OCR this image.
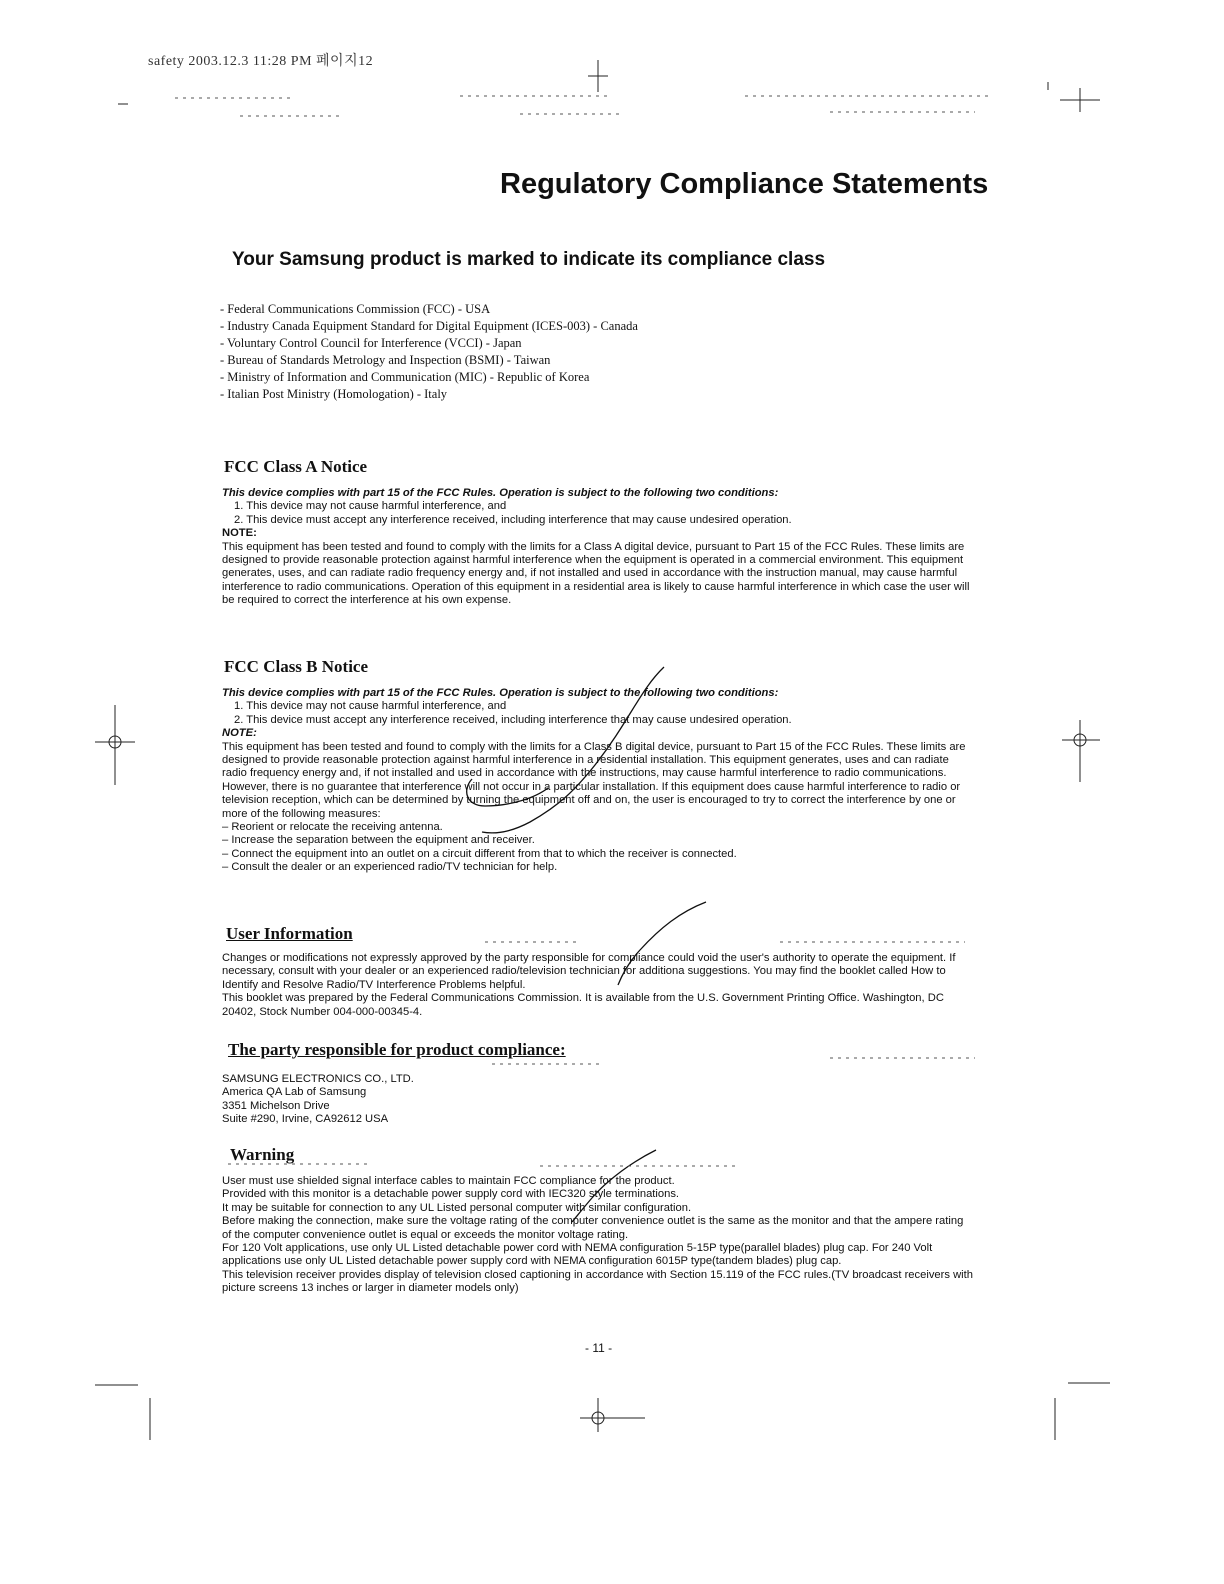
safety 2003.12.3 11:28 PM 페이지12
Regulatory Compliance Statements
Your Samsung product is marked to indicate its compliance class
- Federal Communications Commission (FCC) - USA
- Industry Canada Equipment Standard for Digital Equipment (ICES-003) - Canada
- Voluntary Control Council for Interference (VCCI) - Japan
- Bureau of Standards Metrology and Inspection (BSMI) - Taiwan
- Ministry of Information and Communication (MIC) - Republic of Korea
- Italian Post Ministry (Homologation) - Italy
FCC Class A Notice

This device complies with part 15 of the FCC Rules. Operation is subject to the following two conditions:

1. This device may not cause harmful interference, and

2. This device must accept any interference received, including interference that may cause undesired operation.

NOTE:

This equipment has been tested and found to comply with the limits for a Class A digital device, pursuant to Part 15 of the FCC Rules. These limits are designed to provide reasonable protection against harmful interference when the equipment is operated in a commercial environment. This equipment generates, uses, and can radiate radio frequency energy and, if not installed and used in accordance with the instruction manual, may cause harmful interference to radio communications. Operation of this equipment in a residential area is likely to cause harmful interference in which case the user will be required to correct the interference at his own expense.

FCC Class B Notice

This device complies with part 15 of the FCC Rules. Operation is subject to the following two conditions:

1. This device may not cause harmful interference, and

2. This device must accept any interference received, including interference that may cause undesired operation.

NOTE:

This equipment has been tested and found to comply with the limits for a Class B digital device, pursuant to Part 15 of the FCC Rules. These limits are designed to provide reasonable protection against harmful interference in a residential installation. This equipment generates, uses and can radiate radio frequency energy and, if not installed and used in accordance with the instructions, may cause harmful interference to radio communications. However, there is no guarantee that interference will not occur in a particular installation. If this equipment does cause harmful interference to radio or television reception, which can be determined by turning the equipment off and on, the user is encouraged to try to correct the interference by one or more of the following measures:

– Reorient or relocate the receiving antenna.

– Increase the separation between the equipment and receiver.

– Connect the equipment into an outlet on a circuit different from that to which the receiver is connected.

– Consult the dealer or an experienced radio/TV technician for help.

User Information

Changes or modifications not expressly approved by the party responsible for compliance could void the user's authority to operate the equipment. If necessary, consult with your dealer or an experienced radio/television technician for additiona suggestions. You may find the booklet called How to Identify and Resolve Radio/TV Interference Problems helpful.

This booklet was prepared by the Federal Communications Commission. It is available from the U.S. Government Printing Office. Washington, DC 20402, Stock Number 004-000-00345-4.

The party responsible for product compliance:

SAMSUNG ELECTRONICS CO., LTD.

America QA Lab of Samsung

3351 Michelson Drive

Suite #290, Irvine, CA92612 USA

Warning

User must use shielded signal interface cables to maintain FCC compliance for the product.

Provided with this monitor is a detachable power supply cord with IEC320 style terminations.

It may be suitable for connection to any UL Listed personal computer with similar configuration.

Before making the connection, make sure the voltage rating of the computer convenience outlet is the same as the monitor and that the ampere rating of the computer convenience outlet is equal or exceeds the monitor voltage rating.

For 120 Volt applications, use only UL Listed detachable power cord with NEMA configuration 5-15P type(parallel blades) plug cap. For 240 Volt applications use only UL Listed detachable power supply cord with NEMA configuration 6015P type(tandem blades) plug cap.

This television receiver provides display of television closed captioning in accordance with Section 15.119 of the FCC rules.(TV broadcast receivers with picture screens 13 inches or larger in diameter models only)

- 11 -
